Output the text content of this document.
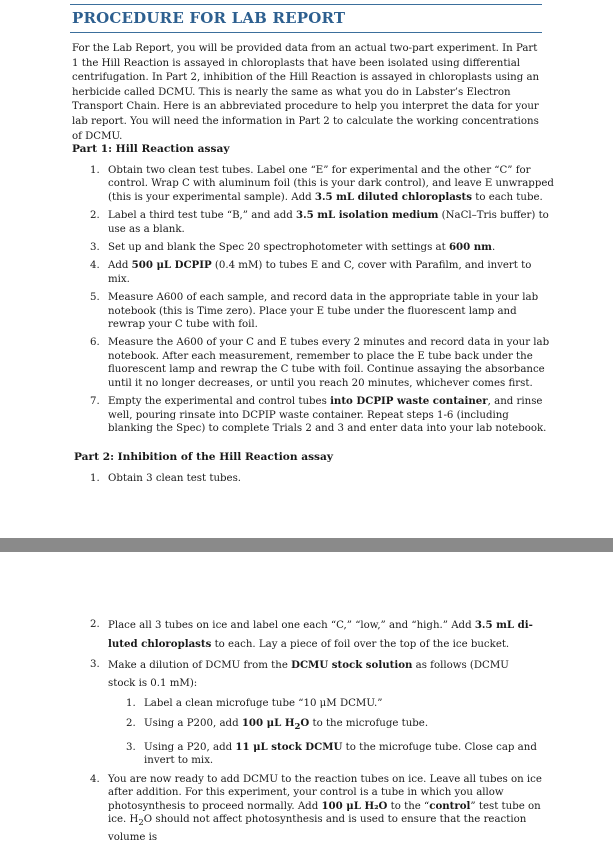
PROCEDURE FOR LAB REPORT
For the Lab Report, you will be provided data from an actual two-part experiment. In Part 1 the Hill Reaction is assayed in chloroplasts that have been isolated using differential centrifugation. In Part 2, inhibition of the Hill Reaction is assayed in chloroplasts using an herbicide called DCMU. This is nearly the same as what you do in Labster’s Electron Transport Chain. Here is an abbreviated procedure to help you interpret the data for your lab report. You will need the information in Part 2 to calculate the working concentrations of DCMU.
Part 1: Hill Reaction assay
1. Obtain two clean test tubes. Label one “E” for experimental and the other “C” for control. Wrap C with aluminum foil (this is your dark control), and leave E unwrapped (this is your experimental sample). Add 3.5 mL diluted chloroplasts to each tube.
2. Label a third test tube “B,” and add 3.5 mL isolation medium (NaCl–Tris buffer) to use as a blank.
3. Set up and blank the Spec 20 spectrophotometer with settings at 600 nm.
4. Add 500 μL DCPIP (0.4 mM) to tubes E and C, cover with Parafilm, and invert to mix.
5. Measure A600 of each sample, and record data in the appropriate table in your lab notebook (this is Time zero). Place your E tube under the fluorescent lamp and rewrap your C tube with foil.
6. Measure the A600 of your C and E tubes every 2 minutes and record data in your lab notebook. After each measurement, remember to place the E tube back under the fluorescent lamp and rewrap the C tube with foil. Continue assaying the absorbance until it no longer decreases, or until you reach 20 minutes, whichever comes first.
7. Empty the experimental and control tubes into DCPIP waste container, and rinse well, pouring rinsate into DCPIP waste container. Repeat steps 1-6 (including blanking the Spec) to complete Trials 2 and 3 and enter data into your lab notebook.
Part 2: Inhibition of the Hill Reaction assay
1. Obtain 3 clean test tubes.
2. Place all 3 tubes on ice and label one each “C,” “low,” and “high.” Add 3.5 mL di-
luted chloroplasts to each. Lay a piece of foil over the top of the ice bucket.
3. Make a dilution of DCMU from the DCMU stock solution as follows (DCMU
stock is 0.1 mM):
1. Label a clean microfuge tube “10 μM DCMU.”
2. Using a P200, add 100 μL $H_2O$ to the microfuge tube.
3. Using a P20, add 11 μL stock DCMU to the microfuge tube. Close cap and invert to mix.
4. You are now ready to add DCMU to the reaction tubes on ice. Leave all tubes on ice after addition. For this experiment, your control is a tube in which you allow photosynthesis to proceed normally. Add 100 μL H₂O to the “control” test tube on ice. $H_2O$ should not affect photosynthesis and is used to ensure that the reaction volume is
